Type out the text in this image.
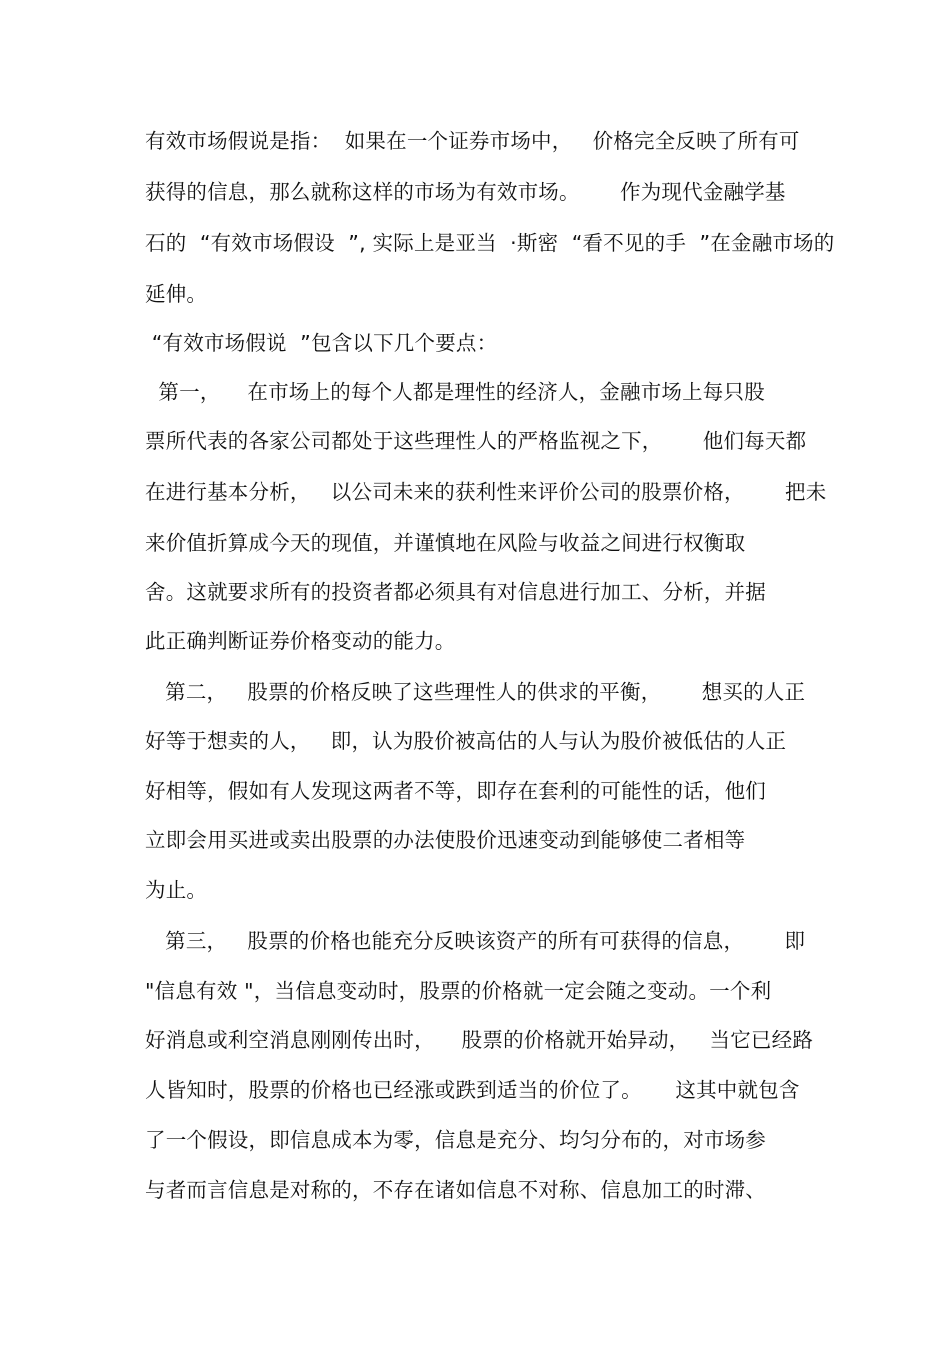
有效市场假说是指：  如果在一个证券市场中，   价格完全反映了所有可
获得的信息，那么就称这样的市场为有效市场。      作为现代金融学基
石的  “有效市场假设  ”, 实际上是亚当  ·斯密  “看不见的手  ”在金融市场的
延伸。
“有效市场假说  ”包含以下几个要点：
第一，    在市场上的每个人都是理性的经济人，金融市场上每只股
票所代表的各家公司都处于这些理性人的严格监视之下，      他们每天都
在进行基本分析，   以公司未来的获利性来评价公司的股票价格，      把未
来价值折算成今天的现值，并谨慎地在风险与收益之间进行权衡取
舍。这就要求所有的投资者都必须具有对信息进行加工、分析，并据
此正确判断证券价格变动的能力。
第二，   股票的价格反映了这些理性人的供求的平衡，      想买的人正
好等于想卖的人，   即，认为股价被高估的人与认为股价被低估的人正
好相等，假如有人发现这两者不等，即存在套利的可能性的话，他们
立即会用买进或卖出股票的办法使股价迅速变动到能够使二者相等
为止。
第三，   股票的价格也能充分反映该资产的所有可获得的信息，      即
"信息有效 "，当信息变动时，股票的价格就一定会随之变动。一个利
好消息或利空消息刚刚传出时，    股票的价格就开始异动，   当它已经路
人皆知时，股票的价格也已经涨或跌到适当的价位了。     这其中就包含
了一个假设，即信息成本为零，信息是充分、均匀分布的，对市场参
与者而言信息是对称的，不存在诸如信息不对称、信息加工的时滞、
